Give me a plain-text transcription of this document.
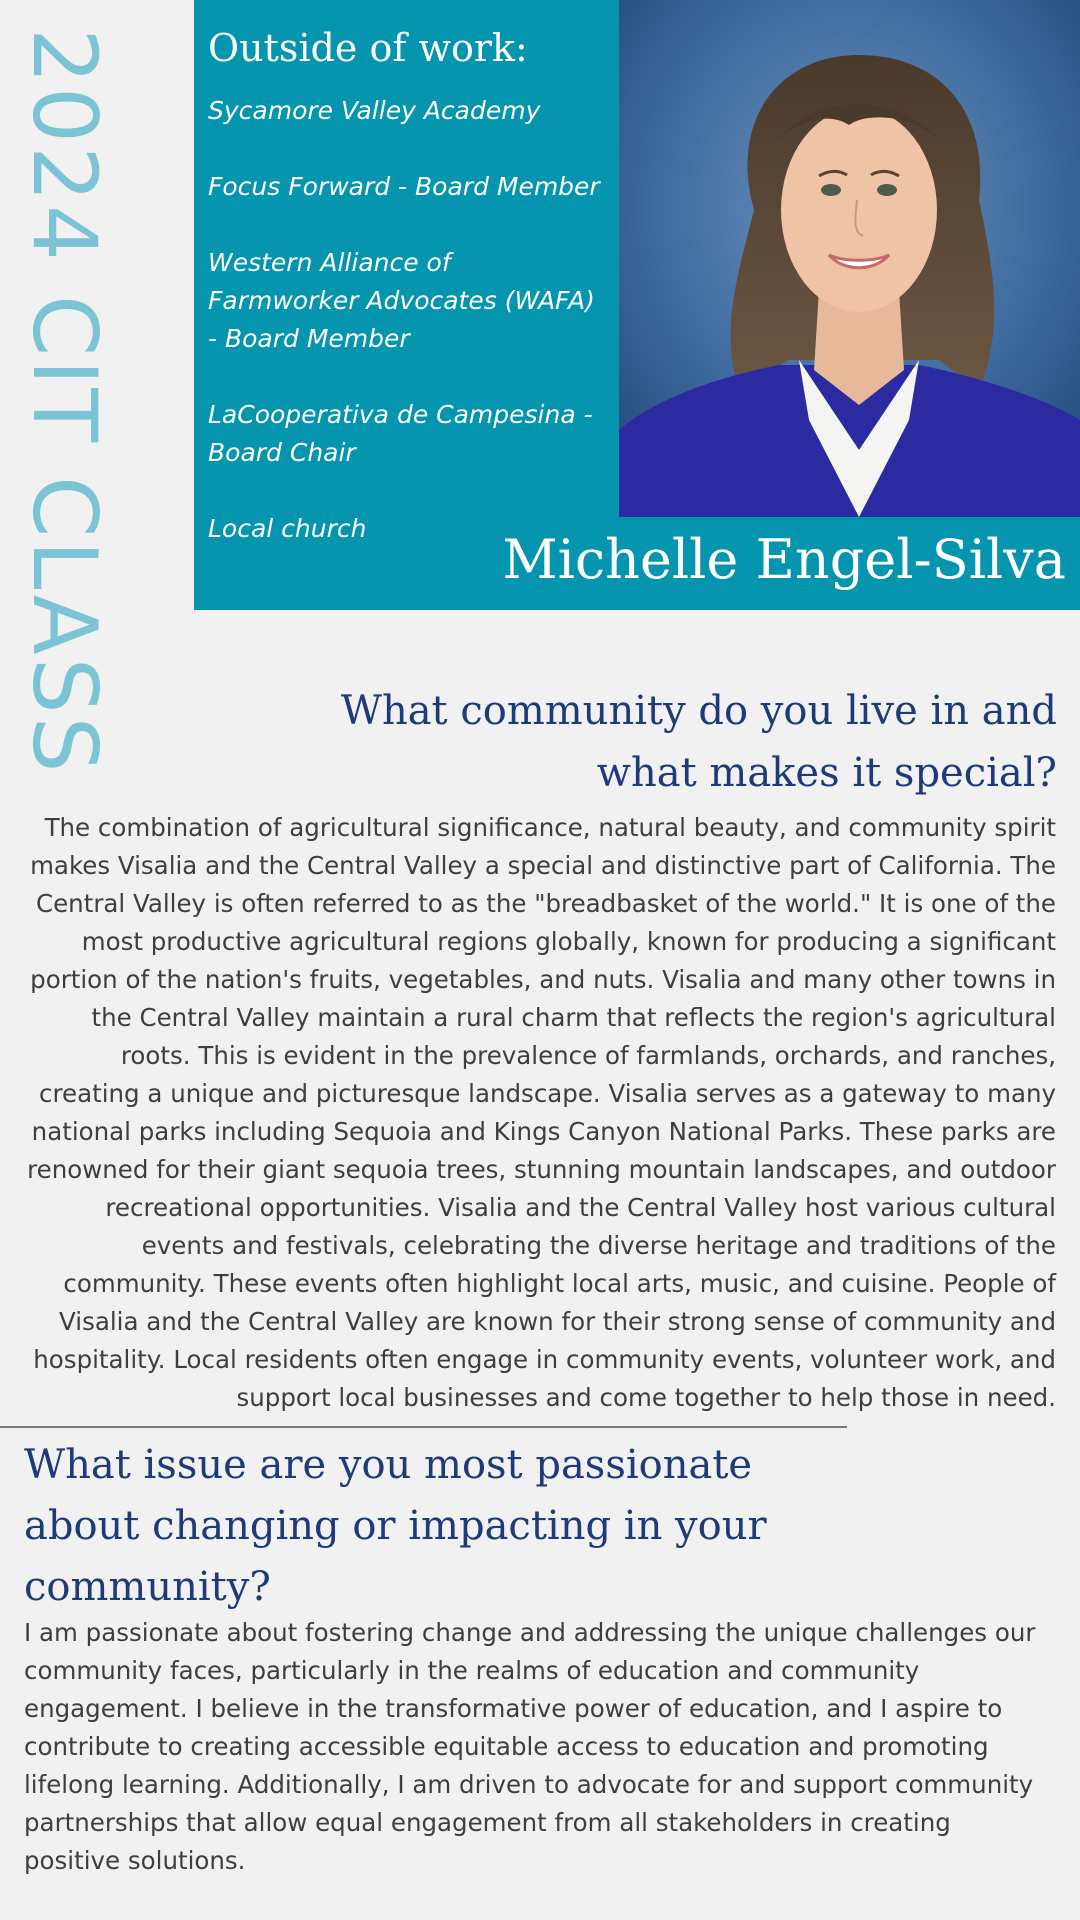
2024 CIT CLASS Outside of work:
Sycamore Valley Academy
Focus Forward - Board Member
Western Alliance of Farmworker Advocates (WAFA) - Board Member
LaCooperativa de Campesina - Board Chair
Local church	Michelle Engel-Silva
What community do you live in and what makes it special?

The combination of agricultural significance, natural beauty, and community spirit makes Visalia and the Central Valley a special and distinctive part of California. The Central Valley is often referred to as the "breadbasket of the world." It is one of the most productive agricultural regions globally, known for producing a significant portion of the nation's fruits, vegetables, and nuts. Visalia and many other towns in the Central Valley maintain a rural charm that reflects the region's agricultural roots. This is evident in the prevalence of farmlands, orchards, and ranches, creating a unique and picturesque landscape. Visalia serves as a gateway to many national parks including Sequoia and Kings Canyon National Parks. These parks are renowned for their giant sequoia trees, stunning mountain landscapes, and outdoor recreational opportunities. Visalia and the Central Valley host various cultural events and festivals, celebrating the diverse heritage and traditions of the community. These events often highlight local arts, music, and cuisine. People of Visalia and the Central Valley are known for their strong sense of community and hospitality. Local residents often engage in community events, volunteer work, and support local businesses and come together to help those in need.

What issue are you most passionate about changing or impacting in your community?

I am passionate about fostering change and addressing the unique challenges our community faces, particularly in the realms of education and community engagement. I believe in the transformative power of education, and I aspire to contribute to creating accessible equitable access to education and promoting lifelong learning. Additionally, I am driven to advocate for and support community partnerships that allow equal engagement from all stakeholders in creating positive solutions.
